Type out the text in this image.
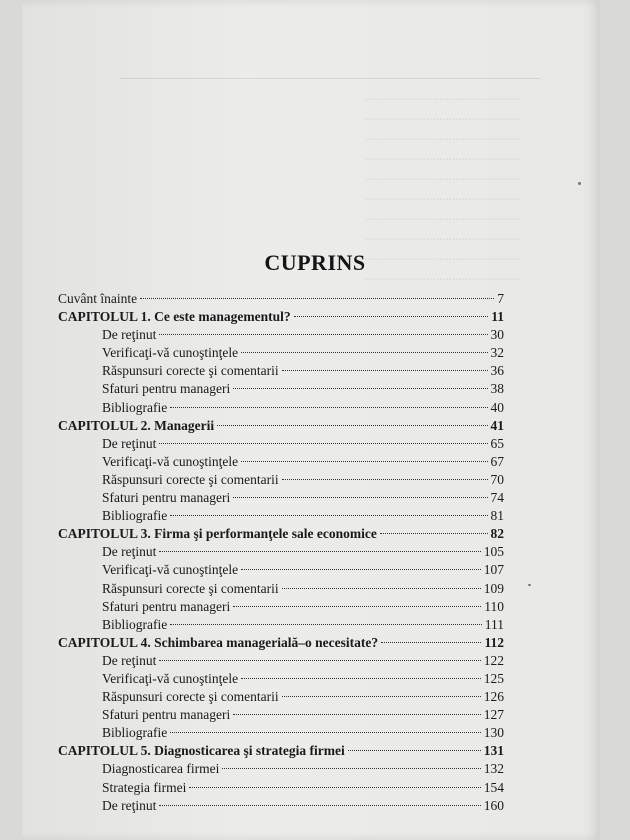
................................................
................................................
................................................
................................................
................................................
................................................
................................................
................................................
................................................
................................................
CUPRINS
Cuvânt înainte	7
CAPITOLUL 1. Ce este managementul?	11
De reţinut	30
Verificaţi-vă cunoştinţele	32
Răspunsuri corecte şi comentarii	36
Sfaturi pentru manageri	38
Bibliografie	40
CAPITOLUL 2. Managerii	41
De reţinut	65
Verificaţi-vă cunoştinţele	67
Răspunsuri corecte şi comentarii	70
Sfaturi pentru manageri	74
Bibliografie	81
CAPITOLUL 3. Firma şi performanţele sale economice	82
De reţinut	105
Verificaţi-vă cunoştinţele	107
Răspunsuri corecte şi comentarii	109
Sfaturi pentru manageri	110
Bibliografie	111
CAPITOLUL 4. Schimbarea managerială–o necesitate?	112
De reţinut	122
Verificaţi-vă cunoştinţele	125
Răspunsuri corecte şi comentarii	126
Sfaturi pentru manageri	127
Bibliografie	130
CAPITOLUL 5. Diagnosticarea şi strategia firmei	131
Diagnosticarea firmei	132
Strategia firmei	154
De reţinut	160
